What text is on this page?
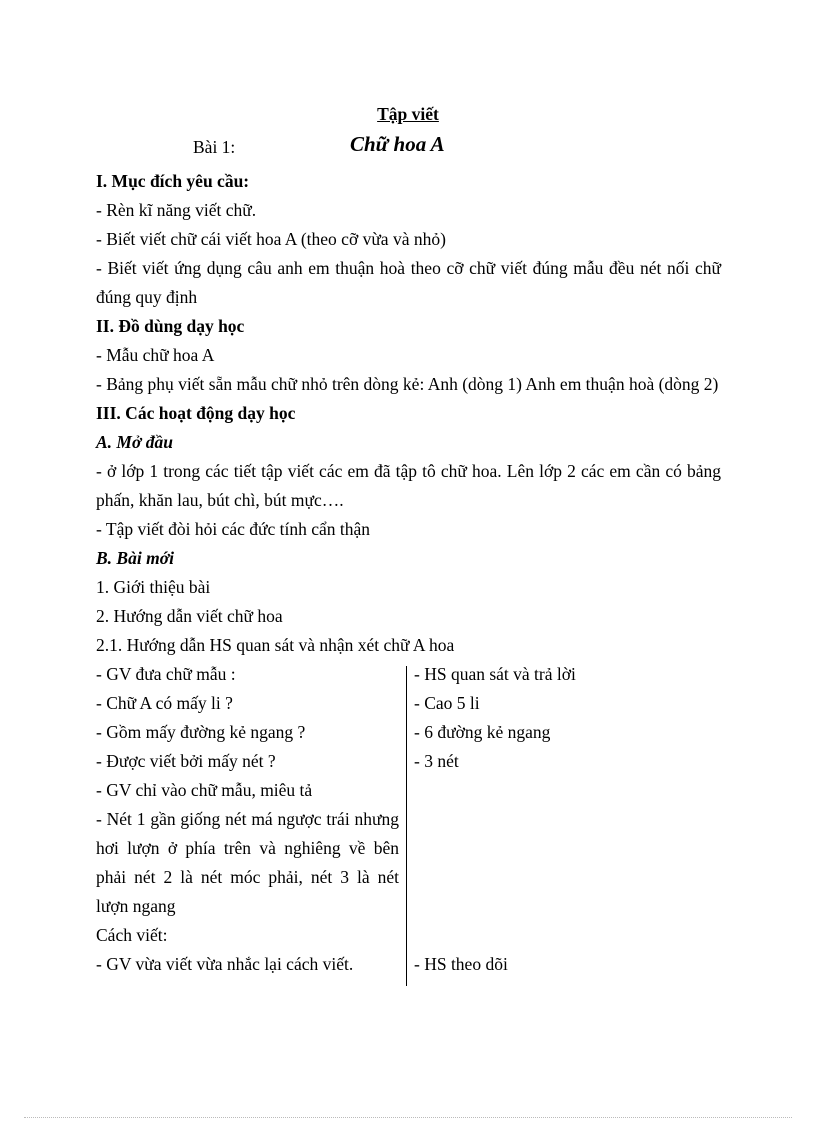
Tập viết
Bài 1:	Chữ hoa A
I. Mục đích yêu cầu:
- Rèn kĩ năng viết chữ.
- Biết viết chữ cái viết hoa A (theo cỡ vừa và nhỏ)
- Biết viết ứng dụng câu anh em thuận hoà theo cỡ chữ viết đúng mẫu đều nét nối chữ đúng quy định
II. Đồ dùng dạy học
- Mẫu chữ hoa A
- Bảng phụ viết sẵn mẫu chữ nhỏ trên dòng kẻ: Anh (dòng 1) Anh em thuận hoà (dòng 2)
III. Các hoạt động dạy học
A. Mở đầu
- ở lớp 1 trong các tiết tập viết các em đã tập tô chữ hoa. Lên lớp 2 các em cần có bảng phấn, khăn lau, bút chì, bút mực….
- Tập viết đòi hỏi các đức tính cẩn thận
B. Bài mới
1. Giới thiệu bài
2. Hướng dẫn viết chữ hoa
2.1. Hướng dẫn HS quan sát và nhận xét chữ A hoa
- GV đưa chữ mẫu :
- Chữ A có mấy li ?
- Gồm mấy đường kẻ ngang ?
- Được viết bởi mấy nét ?
- GV chỉ vào chữ mẫu, miêu tả
- Nét 1 gần giống nét má ngược trái nhưng hơi lượn ở phía trên và nghiêng về bên phải nét 2 là nét móc phải, nét 3 là nét lượn ngang
Cách viết:
- GV vừa viết vừa nhắc lại cách viết.
- HS quan sát và trả lời
- Cao 5 li
- 6 đường kẻ ngang
- 3 nét
- HS theo dõi
